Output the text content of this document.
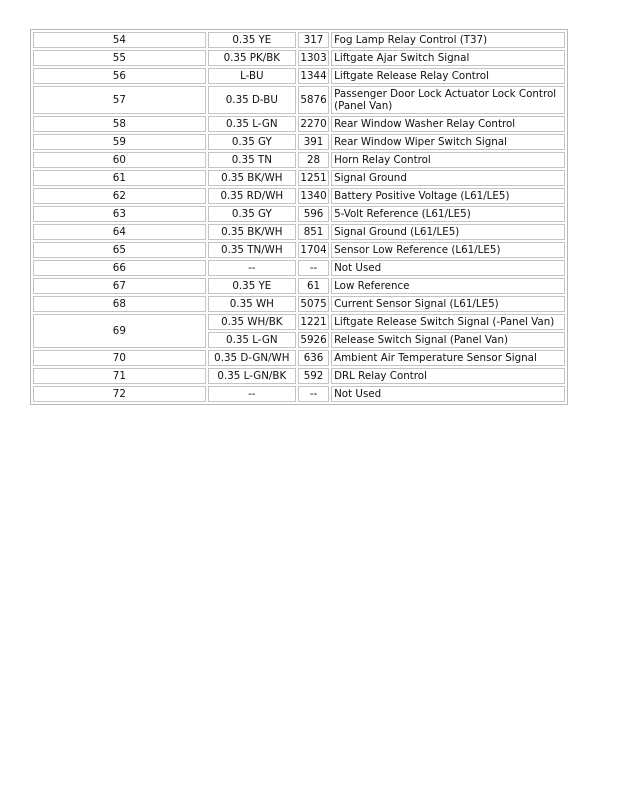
54	0.35 YE	317	Fog Lamp Relay Control (T37)
55	0.35 PK/BK	1303	Liftgate Ajar Switch Signal
56	L-BU	1344	Liftgate Release Relay Control
57	0.35 D-BU	5876	Passenger Door Lock Actuator Lock Control (Panel Van)
58	0.35 L-GN	2270	Rear Window Washer Relay Control
59	0.35 GY	391	Rear Window Wiper Switch Signal
60	0.35 TN	28	Horn Relay Control
61	0.35 BK/WH	1251	Signal Ground
62	0.35 RD/WH	1340	Battery Positive Voltage (L61/LE5)
63	0.35 GY	596	5-Volt Reference (L61/LE5)
64	0.35 BK/WH	851	Signal Ground (L61/LE5)
65	0.35 TN/WH	1704	Sensor Low Reference (L61/LE5)
66	--	--	Not Used
67	0.35 YE	61	Low Reference
68	0.35 WH	5075	Current Sensor Signal (L61/LE5)
69	0.35 WH/BK	1221	Liftgate Release Switch Signal (-Panel Van)
	0.35 L-GN	5926	Release Switch Signal (Panel Van)
70	0.35 D-GN/WH	636	Ambient Air Temperature Sensor Signal
71	0.35 L-GN/BK	592	DRL Relay Control
72	--	--	Not Used
